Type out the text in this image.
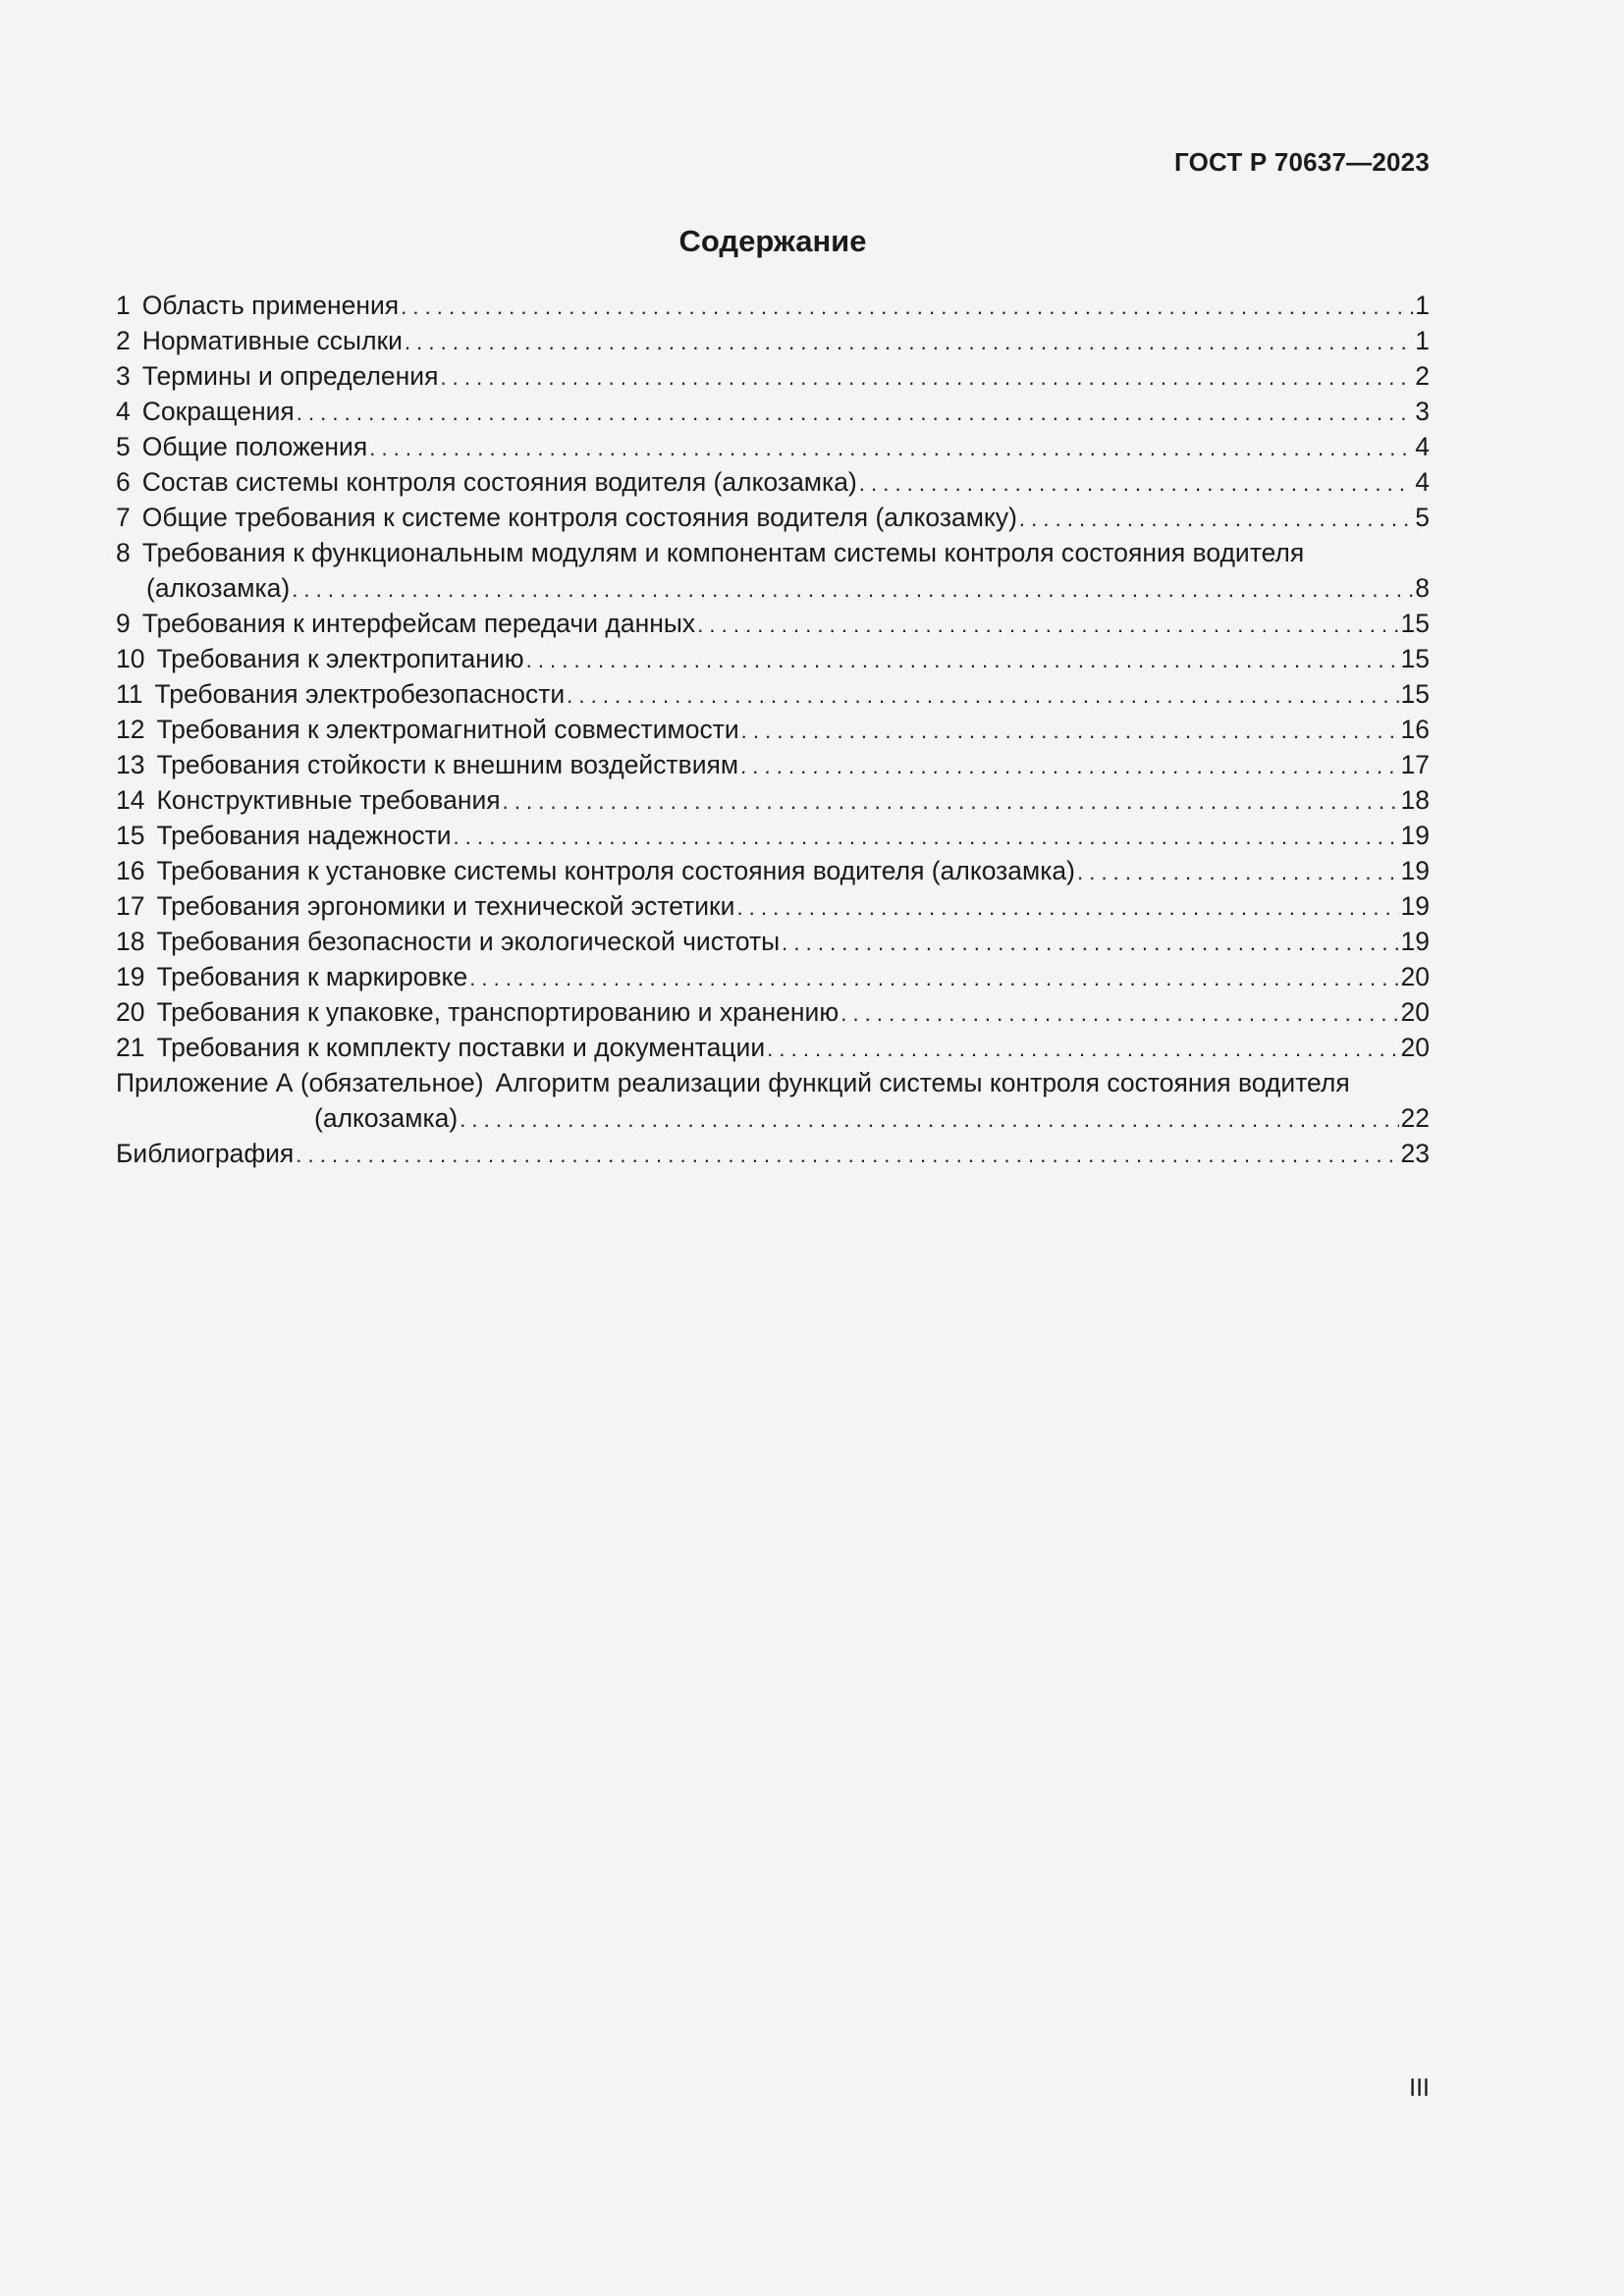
ГОСТ Р 70637—2023
Содержание
1 Область применения . . .	1
2 Нормативные ссылки . . .	1
3 Термины и определения . . .	2
4 Сокращения . . .	3
5 Общие положения . . .	4
6 Состав системы контроля состояния водителя (алкозамка) . . .	4
7 Общие требования к системе контроля состояния водителя (алкозамку) . . .	5
8 Требования к функциональным модулям и компонентам системы контроля состояния водителя
(алкозамка) . . .	8
9 Требования к интерфейсам передачи данных . . .	15
10 Требования к электропитанию . . .	15
11 Требования электробезопасности . . .	15
12 Требования к электромагнитной совместимости . . .	16
13 Требования стойкости к внешним воздействиям . . .	17
14 Конструктивные требования . . .	18
15 Требования надежности . . .	19
16 Требования к установке системы контроля состояния водителя (алкозамка) . . .	19
17 Требования эргономики и технической эстетики . . .	19
18 Требования безопасности и экологической чистоты . . .	19
19 Требования к маркировке . . .	20
20 Требования к упаковке, транспортированию и хранению . . .	20
21 Требования к комплекту поставки и документации . . .	20
Приложение А (обязательное) Алгоритм реализации функций системы контроля состояния водителя
(алкозамка) . . .	22
Библиография . . .	23
III
